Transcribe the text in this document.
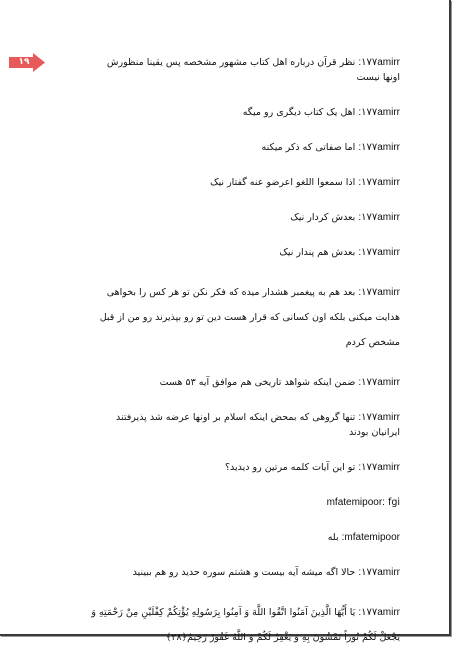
۱۹	۱۷۷amirr: نظر قرآن درباره اهل کتاب مشهور مشخصه پس یقینا منظورش اونها نیست
۱۷۷amirr: اهل یک کتاب دیگری رو میگه
۱۷۷amirr: اما صفاتی که ذکر میکنه
۱۷۷amirr: اذا سمعوا اللغو اعرضو عنه گفتار نیک
۱۷۷amirr: بعدش کردار نیک
۱۷۷amirr: بعدش هم پندار نیک
۱۷۷amirr: بعد هم به پیغمبر هشدار میده که فکر نکن تو هر کس را بخواهی هدایت میکنی بلکه اون کسانی که قرار هست دین تو رو بپذیرند رو من از قبل مشخص کردم
۱۷۷amirr: ضمن اینکه شواهد تاریخی هم موافق آیه ۵۳ هست
۱۷۷amirr: تنها گروهی که بمحض اینکه اسلام بر اونها عرضه شد پذیرفتند ایرانیان بودند
۱۷۷amirr: تو این آیات کلمه مرتین رو دیدید؟
mfatemipoor: fgi
mfatemipoor: بله
۱۷۷amirr: حالا اگه میشه آیه بیست و هشتم سوره حدید رو هم ببینید
۱۷۷amirr: یَا أَیُّهَا الَّذِینَ آمَنُوا اتَّقُوا اللَّهَ وَ آمِنُوا بِرَسُولِهِ یُؤْتِکُمْ کِفْلَیْنِ مِنْ رَحْمَتِهِ وَ یَجْعَلْ لَکُمْ نُوراً تَمْشُونَ بِهِ وَ یَغْفِرْ لَکُمْ وَ اللَّهُ غَفُورٌ رَحِیمٌ﴿۲۸﴾
